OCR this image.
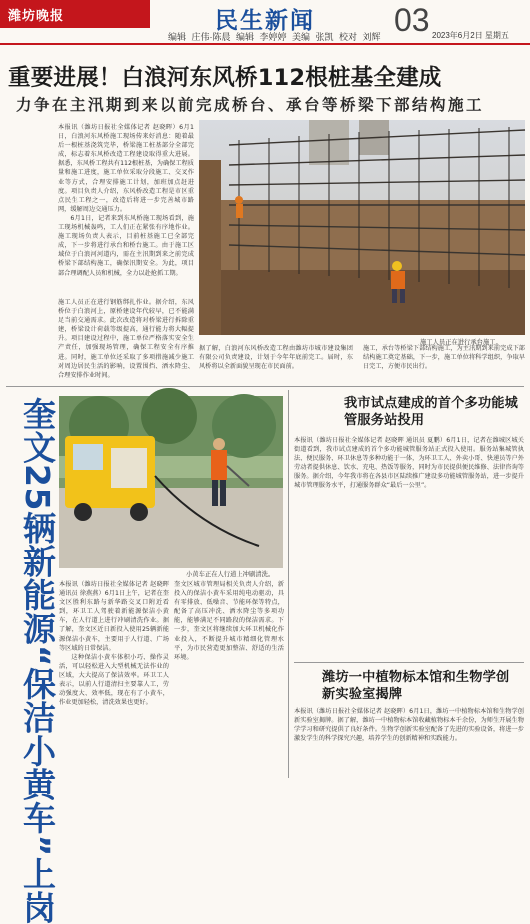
潍坊晚报	民生新闻
编辑 庄伟·陈晨 编辑 李婷婷 美编 张凯 校对 刘辉 03 2023年6月2日 星期五
重要进展！白浪河东风桥112根桩基全建成
力争在主汛期到来以前完成桥台、承台等桥梁下部结构施工

本报讯（潍坊日报社全媒体记者 赵晓晖）6月1日，白浪河东风桥施工现场传来好消息：随着最后一根桩基浇筑完毕，桥梁施工桩基部分全部完成，标志着东风桥改造工程建设取得重大进展。据悉，东风桥工程共有112根桩基，为确保工程质量和施工进度，施工单位采取分段施工、交叉作业等方式，合理安排施工计划，加班加点赶进度。项目负责人介绍，东风桥改造工程是市区重点民生工程之一，改造后将进一步完善城市路网，缓解周边交通压力。

6月1日，记者来到东风桥施工现场看到，施工现场机械轰鸣，工人们正在紧张有序地作业。施工现场负责人表示，目前桩基施工已全部完成，下一步将进行承台和桥台施工。由于施工区域位于白浪河河道内，需在主汛期到来之前完成桥梁下部结构施工，确保汛期安全。为此，项目部合理调配人员和机械，全力以赴抢抓工期。

施工人员正在进行承台施工。

施工人员正在进行钢筋绑扎作业。据介绍，东风桥位于白浪河上，原桥建设年代较早，已不能满足当前交通需求。此次改造将对桥梁进行拆除重建，桥梁设计荷载等级提高，通行能力将大幅提升。项目建设过程中，施工单位严格落实安全生产责任，加强现场管理，确保工程安全有序推进。同时，施工单位还采取了多项措施减少施工对周边居民生活的影响，设置围挡、洒水降尘、合理安排作业时间。

据了解，白浪河东风桥改造工程由潍坊市城市建设集团有限公司负责建设，计划于今年年底前完工。届时，东风桥将以全新面貌呈现在市民面前。

施工，承台等桥梁下部结构施工，为主汛期到来前完成下部结构施工奠定基础，下一步，施工单位将科学组织，争取早日完工，方便市民出行。

奎文25辆新能源“保洁小黄车”上岗	小黄车正在人行道上冲刷清洗。

本报讯（潍坊日报社全媒体记者 赵晓晖 通讯员 徐燕燕）6月1日上午，记者在奎文区胜利东路与新华路交叉口附近看到，环卫工人驾驶着新能源保洁小黄车，在人行道上进行冲刷清洗作业。据了解，奎文区近日新投入使用25辆新能源保洁小黄车，主要用于人行道、广场等区域的日常保洁。

这种保洁小黄车体积小巧、操作灵活，可以轻松进入大型机械无法作业的区域，大大提高了保洁效率。环卫工人表示，以前人行道清扫主要靠人工，劳动强度大、效率低，现在有了小黄车，作业更加轻松，清洗效果也更好。

奎文区城市管理局相关负责人介绍，新投入的保洁小黄车采用纯电动驱动，具有零排放、低噪音、节能环保等特点，配备了高压冲洗、洒水降尘等多项功能，能够满足不同路段的保洁需求。下一步，奎文区将继续加大环卫机械化作业投入，不断提升城市精细化管理水平，为市民营造更加整洁、舒适的生活环境。

我市试点建成的首个多功能城管服务站投用

本报讯（潍坊日报社全媒体记者 赵晓晖 通讯员 夏鹏）6月1日，记者在潍城区城关街道看到，我市试点建成的首个多功能城管服务站正式投入使用。服务站集城管执法、便民服务、环卫休息等多种功能于一体，为环卫工人、外卖小哥、快递员等户外劳动者提供休息、饮水、充电、热饭等服务，同时为市民提供便民维修、法律咨询等服务。据介绍，今年我市将在各县市区陆续推广建设多功能城管服务站，进一步提升城市管理服务水平，打通服务群众“最后一公里”。

潍坊一中植物标本馆和生物学创新实验室揭牌

本报讯（潍坊日报社全媒体记者 赵晓晖）6月1日，潍坊一中植物标本馆和生物学创新实验室揭牌。据了解，潍坊一中植物标本馆收藏植物标本千余份，为师生开展生物学学习和研究提供了良好条件。生物学创新实验室配备了先进的实验设备，将进一步激发学生的科学探究兴趣，培养学生的创新精神和实践能力。
